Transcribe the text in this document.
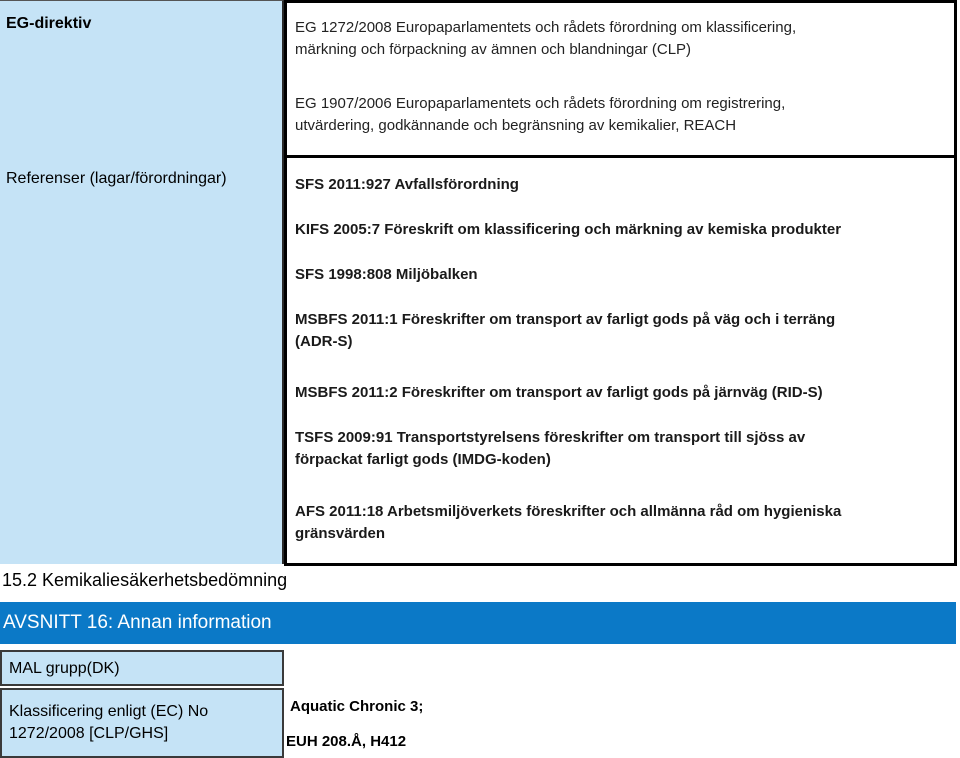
EG-direktiv	EG 1272/2008 Europaparlamentets och rådets förordning om klassificering,
märkning och förpackning av ämnen och blandningar (CLP)
EG 1907/2006 Europaparlamentets och rådets förordning om registrering,
utvärdering, godkännande och begränsning av kemikalier, REACH
Referenser (lagar/förordningar)	SFS 2011:927 Avfallsförordning
KIFS 2005:7 Föreskrift om klassificering och märkning av kemiska produkter
SFS 1998:808 Miljöbalken
MSBFS 2011:1 Föreskrifter om transport av farligt gods på väg och i terräng
(ADR-S)
MSBFS 2011:2 Föreskrifter om transport av farligt gods på järnväg (RID-S)
TSFS 2009:91 Transportstyrelsens föreskrifter om transport till sjöss av
förpackat farligt gods (IMDG-koden)
AFS 2011:18 Arbetsmiljöverkets föreskrifter och allmänna råd om hygieniska
gränsvärden
15.2 Kemikaliesäkerhetsbedömning
AVSNITT 16: Annan information
MAL grupp(DK)
Klassificering enligt (EC) No
1272/2008 [CLP/GHS]
Aquatic Chronic 3;
EUH 208.Å, H412
